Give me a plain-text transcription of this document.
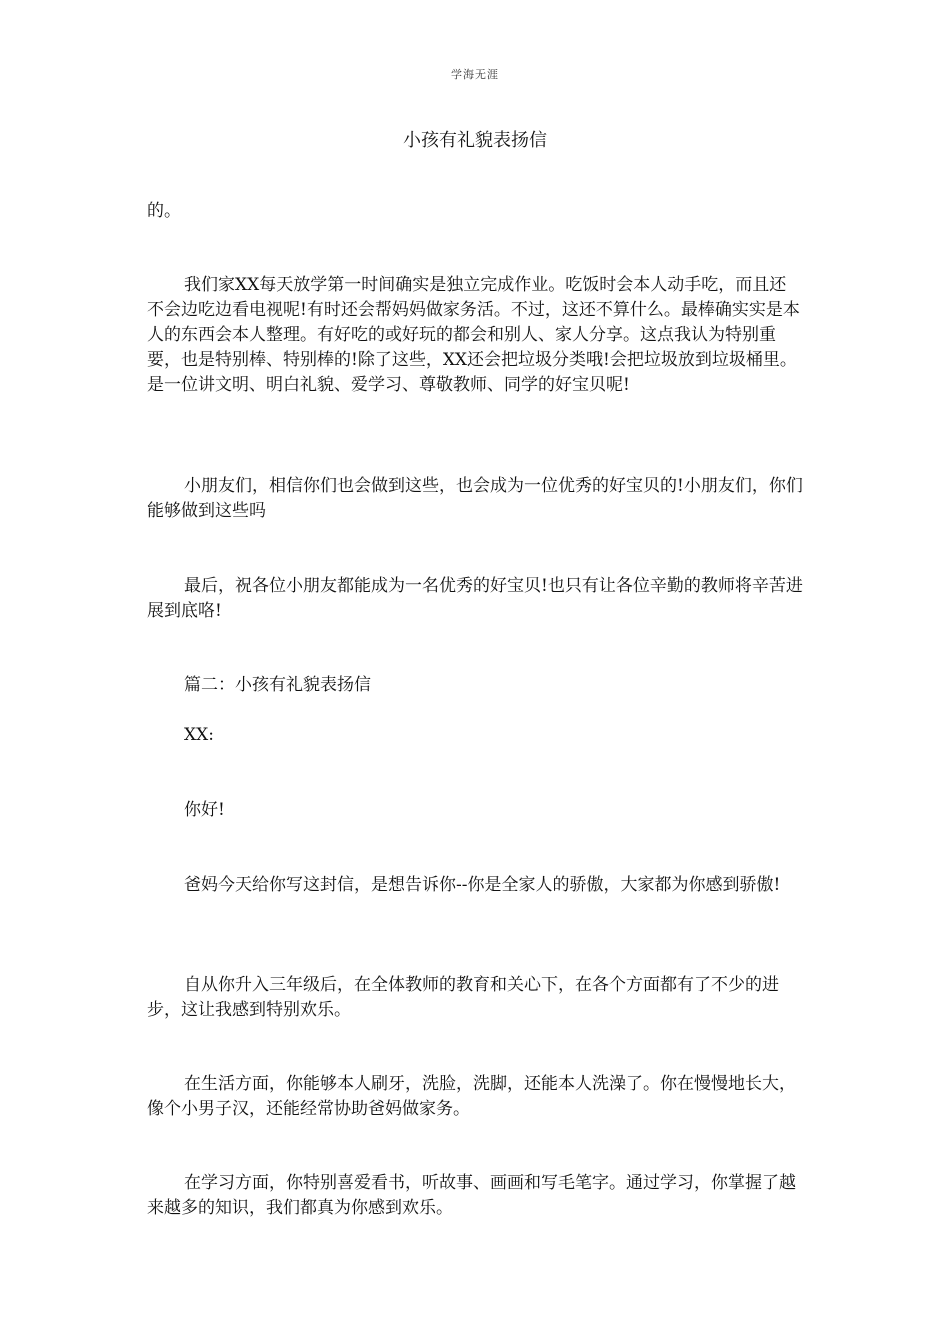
学海无涯
小孩有礼貌表扬信

的。

我们家XX每天放学第一时间确实是独立完成作业。吃饭时会本人动手吃，而且还不会边吃边看电视呢!有时还会帮妈妈做家务活。不过，这还不算什么。最棒确实实是本人的东西会本人整理。有好吃的或好玩的都会和别人、家人分享。这点我认为特别重要，也是特别棒、特别棒的!除了这些，XX还会把垃圾分类哦!会把垃圾放到垃圾桶里。是一位讲文明、明白礼貌、爱学习、尊敬教师、同学的好宝贝呢!

小朋友们，相信你们也会做到这些，也会成为一位优秀的好宝贝的!小朋友们，你们能够做到这些吗

最后，祝各位小朋友都能成为一名优秀的好宝贝!也只有让各位辛勤的教师将辛苦进展到底咯!

篇二：小孩有礼貌表扬信

XX:

你好!

爸妈今天给你写这封信，是想告诉你--你是全家人的骄傲，大家都为你感到骄傲!

自从你升入三年级后，在全体教师的教育和关心下，在各个方面都有了不少的进步，这让我感到特别欢乐。

在生活方面，你能够本人刷牙，洗脸，洗脚，还能本人洗澡了。你在慢慢地长大，像个小男子汉，还能经常协助爸妈做家务。

在学习方面，你特别喜爱看书，听故事、画画和写毛笔字。通过学习，你掌握了越来越多的知识，我们都真为你感到欢乐。
